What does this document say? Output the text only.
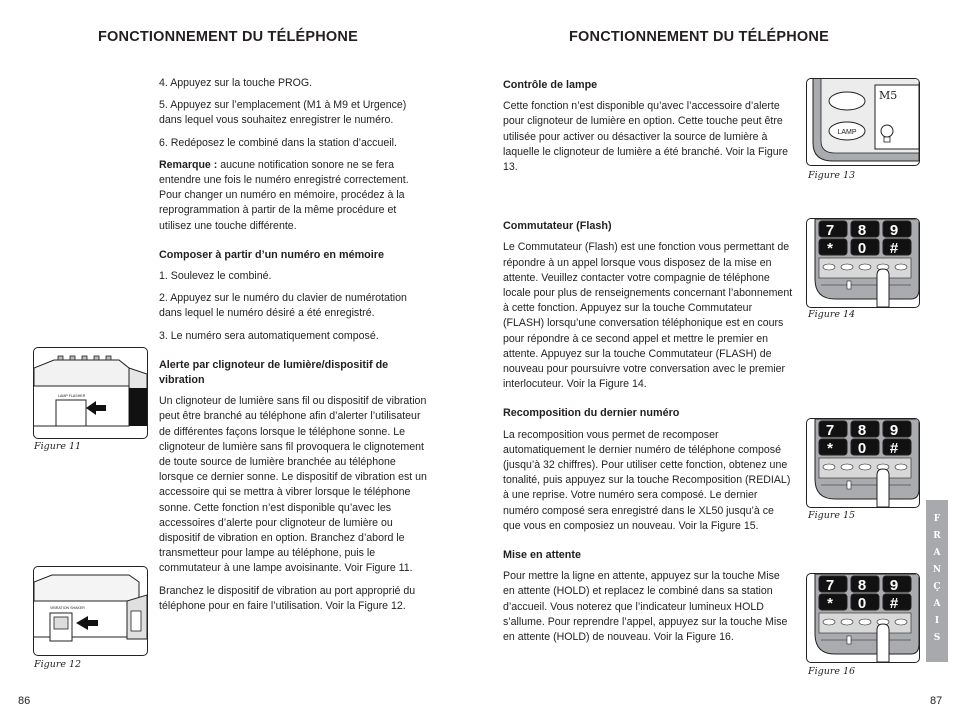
FONCTIONNEMENT DU TÉLÉPHONE

4. Appuyez sur la touche PROG.

5. Appuyez sur l’emplacement (M1 à M9 et Urgence) dans lequel vous souhaitez enregistrer le numéro.

6. Redéposez le combiné dans la station d’accueil.

Remarque : aucune notification sonore ne se fera entendre une fois le numéro enregistré correctement.

Pour changer un numéro en mémoire, procédez à la reprogrammation à partir de la même procédure et utilisez une touche différente.

Composer à partir d’un numéro en mémoire

1. Soulevez le combiné.

2. Appuyez sur le numéro du clavier de numérotation dans lequel le numéro désiré a été enregistré.

3. Le numéro sera automatiquement composé.

Alerte par clignoteur de lumière/dispositif de vibration

Un clignoteur de lumière sans fil ou dispositif de vibration peut être branché au téléphone afin d’alerter l’utilisateur de différentes façons lorsque le téléphone sonne. Le clignoteur de lumière sans fil provoquera le clignotement de toute source de lumière branchée au téléphone lorsque ce dernier sonne. Le dispositif de vibration est un accessoire qui se mettra à vibrer lorsque le téléphone sonne. Cette fonction n’est disponible qu’avec les accessoires d’alerte pour clignoteur de lumière ou dispositif de vibration en option. Branchez d’abord le transmetteur pour lampe au téléphone, puis le commutateur à une lampe avoisinante. Voir Figure 11.

Branchez le dispositif de vibration au port approprié du téléphone pour en faire l’utilisation. Voir la Figure 12.

LAMP FLASHER
Figure 11
VIBRATION SHAKER
Figure 12
86
FONCTIONNEMENT DU TÉLÉPHONE
Contrôle de lampe

Cette fonction n’est disponible qu’avec l’accessoire d’alerte pour clignoteur de lumière en option. Cette touche peut être utilisée pour activer ou désactiver la source de lumière à laquelle le clignoteur de lumière a été branché. Voir la Figure 13.

Commutateur (Flash)

Le Commutateur (Flash) est une fonction vous permettant de répondre à un appel lorsque vous disposez de la mise en attente. Veuillez contacter votre compagnie de téléphone locale pour plus de renseignements concernant l’abonnement à cette fonction. Appuyez sur la touche Commutateur (FLASH) lorsqu’une conversation téléphonique est en cours pour répondre à ce second appel et mettre le premier en attente. Appuyez sur la touche Commutateur (FLASH) de nouveau pour poursuivre votre conversation avec le premier interlocuteur. Voir la Figure 14.

Recomposition du dernier numéro

La recomposition vous permet de recomposer automatiquement le dernier numéro de téléphone composé (jusqu’à 32 chiffres). Pour utiliser cette fonction, obtenez une tonalité, puis appuyez sur la touche Recomposition (REDIAL) à une reprise. Votre numéro sera composé. Le dernier numéro composé sera enregistré dans le XL50 jusqu’à ce que vous en composiez un nouveau. Voir la Figure 15.

Mise en attente

Pour mettre la ligne en attente, appuyez sur la touche Mise en attente (HOLD) et replacez le combiné dans sa station d’accueil. Vous noterez que l’indicateur lumineux HOLD s’allume. Pour reprendre l’appel, appuyez sur la touche Mise en attente (HOLD) de nouveau. Voir la Figure 16.

LAMP
M5
Figure 13
7 8 9
* 0 #
Figure 14
7 8 9
* 0 #
Figure 15
7 8 9
* 0 #
Figure 16
87
F
R
A
N
Ç
A
I
S
